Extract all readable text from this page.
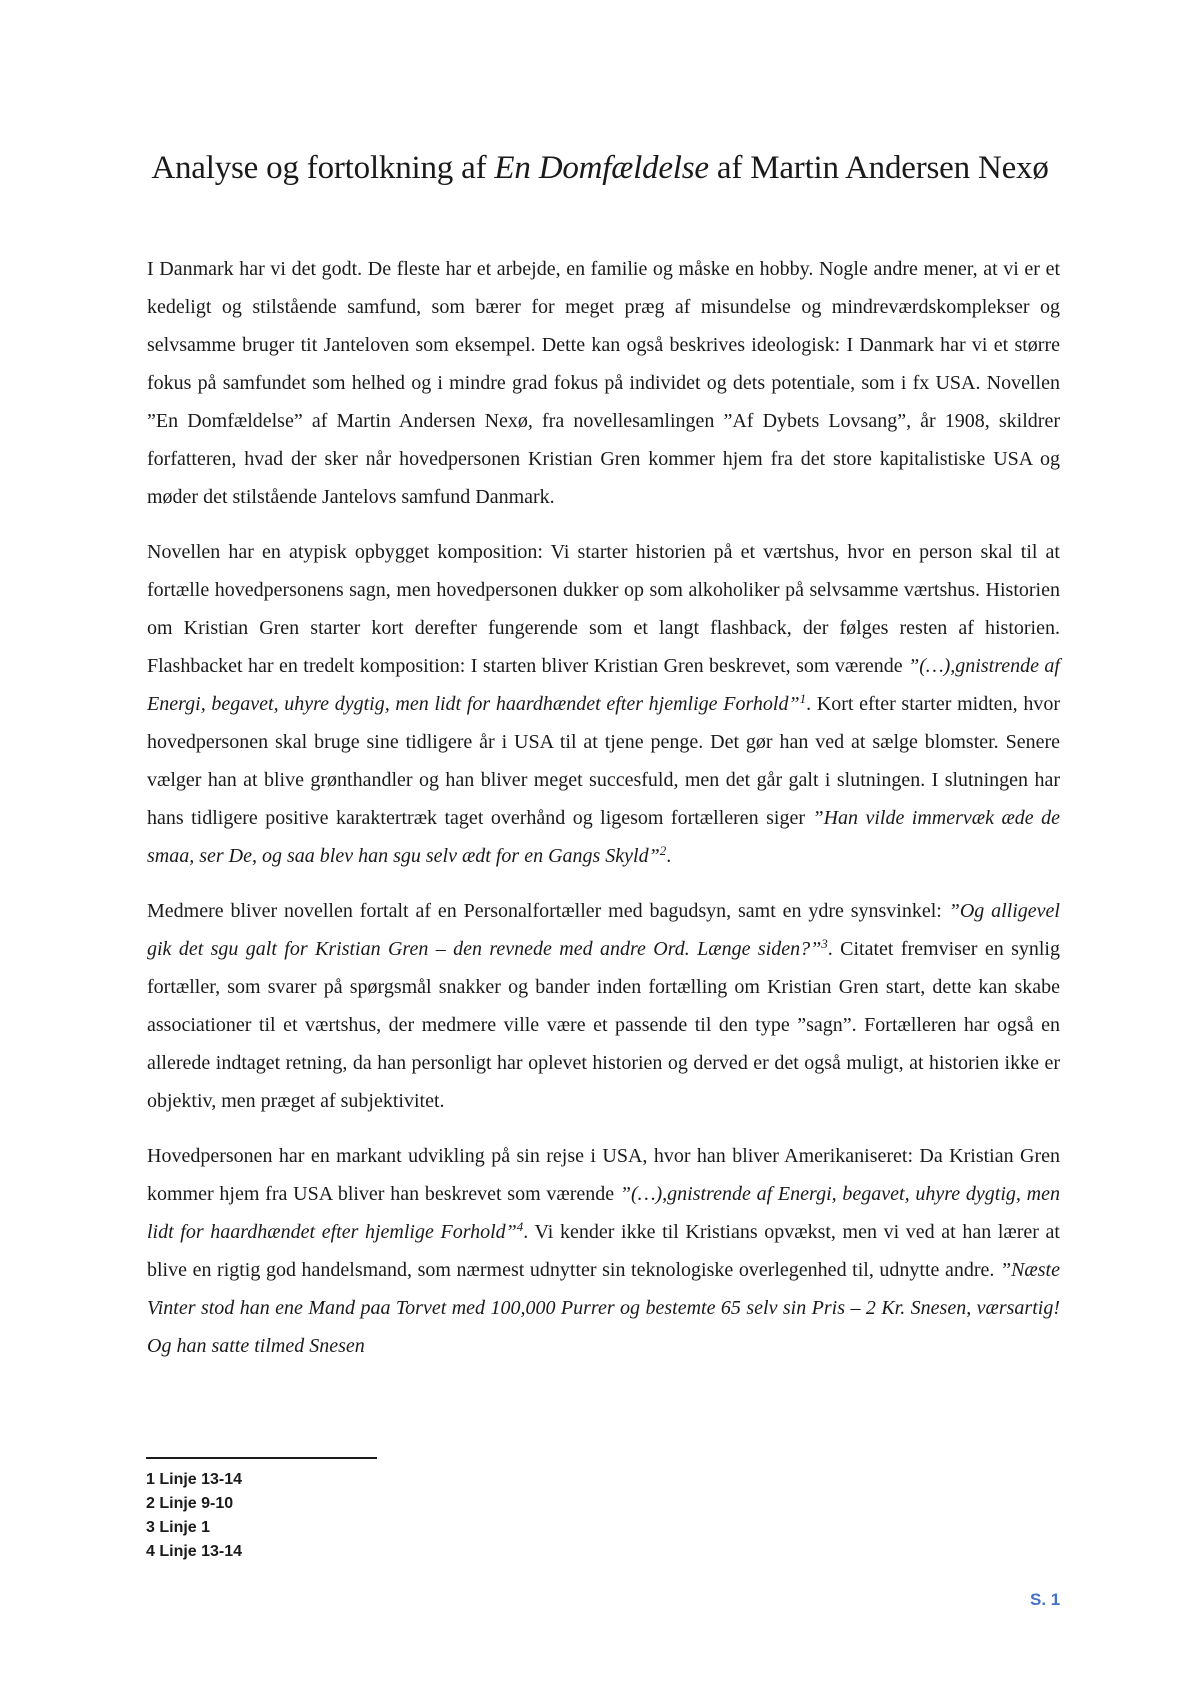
Analyse og fortolkning af En Domfældelse af Martin Andersen Nexø

I Danmark har vi det godt. De fleste har et arbejde, en familie og måske en hobby. Nogle andre mener, at vi er et kedeligt og stilstående samfund, som bærer for meget præg af misundelse og mindreværdskomplekser og selvsamme bruger tit Janteloven som eksempel. Dette kan også beskrives ideologisk: I Danmark har vi et større fokus på samfundet som helhed og i mindre grad fokus på individet og dets potentiale, som i fx USA. Novellen ”En Domfældelse” af Martin Andersen Nexø, fra novellesamlingen ”Af Dybets Lovsang”, år 1908, skildrer forfatteren, hvad der sker når hovedpersonen Kristian Gren kommer hjem fra det store kapitalistiske USA og møder det stilstående Jantelovs samfund Danmark.

Novellen har en atypisk opbygget komposition: Vi starter historien på et værtshus, hvor en person skal til at fortælle hovedpersonens sagn, men hovedpersonen dukker op som alkoholiker på selvsamme værtshus. Historien om Kristian Gren starter kort derefter fungerende som et langt flashback, der følges resten af historien. Flashbacket har en tredelt komposition: I starten bliver Kristian Gren beskrevet, som værende ”(…),gnistrende af Energi, begavet, uhyre dygtig, men lidt for haardhændet efter hjemlige Forhold”$^1$. Kort efter starter midten, hvor hovedpersonen skal bruge sine tidligere år i USA til at tjene penge. Det gør han ved at sælge blomster. Senere vælger han at blive grønthandler og han bliver meget succesfuld, men det går galt i slutningen. I slutningen har hans tidligere positive karaktertræk taget overhånd og ligesom fortælleren siger ”Han vilde immervæk æde de smaa, ser De, og saa blev han sgu selv ædt for en Gangs Skyld”$^2$.

Medmere bliver novellen fortalt af en Personalfortæller med bagudsyn, samt en ydre synsvinkel: ”Og alligevel gik det sgu galt for Kristian Gren – den revnede med andre Ord. Længe siden?”$^3$. Citatet fremviser en synlig fortæller, som svarer på spørgsmål snakker og bander inden fortælling om Kristian Gren start, dette kan skabe associationer til et værtshus, der medmere ville være et passende til den type ”sagn”. Fortælleren har også en allerede indtaget retning, da han personligt har oplevet historien og derved er det også muligt, at historien ikke er objektiv, men præget af subjektivitet.

Hovedpersonen har en markant udvikling på sin rejse i USA, hvor han bliver Amerikaniseret: Da Kristian Gren kommer hjem fra USA bliver han beskrevet som værende ”(…),gnistrende af Energi, begavet, uhyre dygtig, men lidt for haardhændet efter hjemlige Forhold”$^4$. Vi kender ikke til Kristians opvækst, men vi ved at han lærer at blive en rigtig god handelsmand, som nærmest udnytter sin teknologiske overlegenhed til, udnytte andre. ”Næste Vinter stod han ene Mand paa Torvet med 100,000 Purrer og bestemte 65 selv sin Pris – 2 Kr. Snesen, værsartig! Og han satte tilmed Snesen

1 Linje 13-14
2 Linje 9-10
3 Linje 1
4 Linje 13-14
S. 1
